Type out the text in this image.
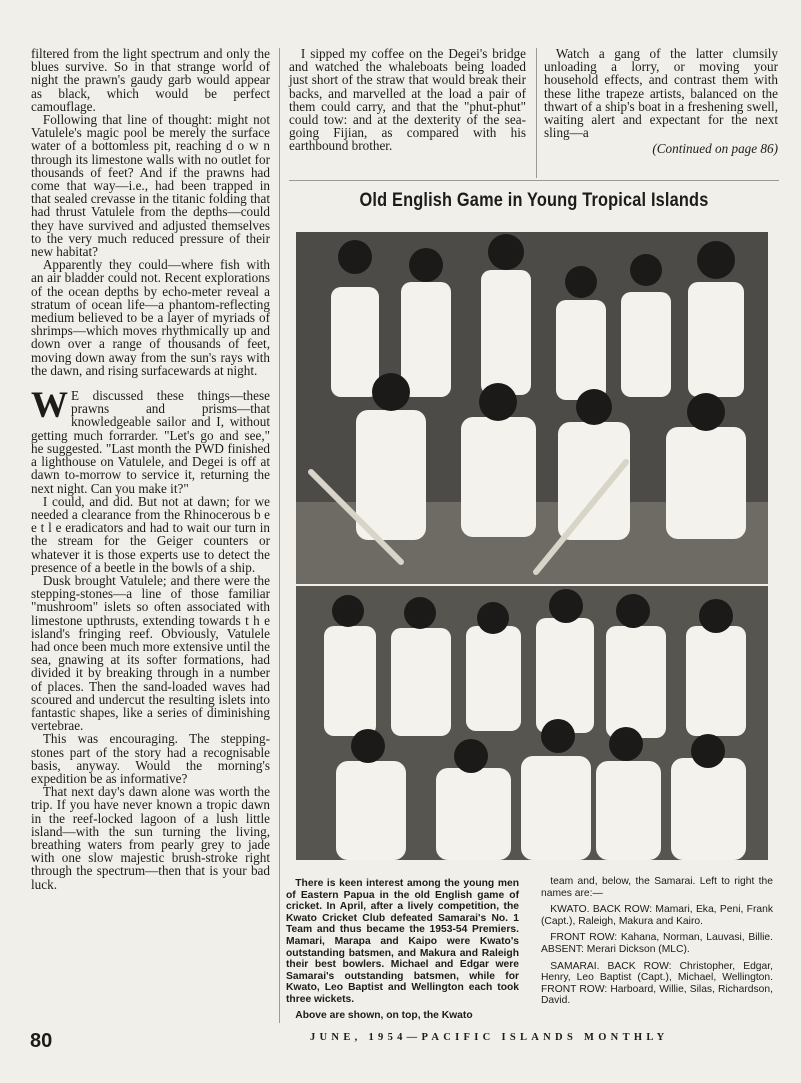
filtered from the light spectrum and only the blues survive. So in that strange world of night the prawn's gaudy garb would appear as black, which would be perfect camouflage.

Following that line of thought: might not Vatulele's magic pool be merely the surface water of a bottomless pit, reaching d o w n through its limestone walls with no outlet for thousands of feet? And if the prawns had come that way—i.e., had been trapped in that sealed crevasse in the titanic folding that had thrust Vatulele from the depths—could they have survived and adjusted themselves to the very much reduced pressure of their new habitat?

Apparently they could—where fish with an air bladder could not. Recent explorations of the ocean depths by echo-meter reveal a stratum of ocean life—a phantom-reflecting medium believed to be a layer of myriads of shrimps—which moves rhythmically up and down over a range of thousands of feet, moving down away from the sun's rays with the dawn, and rising surfacewards at night.

W E discussed these things—these prawns and prisms—that knowledgeable sailor and I, without getting much forrarder. "Let's go and see," he suggested. "Last month the PWD finished a lighthouse on Vatulele, and Degei is off at dawn to-morrow to service it, returning the next night. Can you make it?"

I could, and did. But not at dawn; for we needed a clearance from the Rhinocerous b e e t l e eradicators and had to wait our turn in the stream for the Geiger counters or whatever it is those experts use to detect the presence of a beetle in the bowls of a ship.

Dusk brought Vatulele; and there were the stepping-stones—a line of those familiar "mushroom" islets so often associated with limestone upthrusts, extending towards t h e island's fringing reef. Obviously, Vatulele had once been much more extensive until the sea, gnawing at its softer formations, had divided it by breaking through in a number of places. Then the sand-loaded waves had scoured and undercut the resulting islets into fantastic shapes, like a series of diminishing vertebrae.

This was encouraging. The stepping-stones part of the story had a recognisable basis, anyway. Would the morning's expedition be as informative?

That next day's dawn alone was worth the trip. If you have never known a tropic dawn in the reef-locked lagoon of a lush little island—with the sun turning the living, breathing waters from pearly grey to jade with one slow majestic brush-stroke right through the spectrum—then that is your bad luck.

I sipped my coffee on the Degei's bridge and watched the whaleboats being loaded just short of the straw that would break their backs, and marvelled at the load a pair of them could carry, and that the "phut-phut" could tow: and at the dexterity of the sea-going Fijian, as compared with his earthbound brother.

Watch a gang of the latter clumsily unloading a lorry, or moving your household effects, and contrast them with these lithe trapeze artists, balanced on the thwart of a ship's boat in a freshening swell, waiting alert and expectant for the next sling—a

(Continued on page 86)
Old English Game in Young Tropical Islands

There is keen interest among the young men of Eastern Papua in the old English game of cricket. In April, after a lively competition, the Kwato Cricket Club defeated Samarai's No. 1 Team and thus became the 1953-54 Premiers. Mamari, Marapa and Kaipo were Kwato's outstanding batsmen, and Makura and Raleigh their best bowlers. Michael and Edgar were Samarai's outstanding batsmen, while for Kwato, Leo Baptist and Wellington each took three wickets.

Above are shown, on top, the Kwato

team and, below, the Samarai. Left to right the names are:—

KWATO. BACK ROW: Mamari, Eka, Peni, Frank (Capt.), Raleigh, Makura and Kairo.

FRONT ROW: Kahana, Norman, Lauvasi, Billie. ABSENT: Merari Dickson (MLC).

SAMARAI. BACK ROW: Christopher, Edgar, Henry, Leo Baptist (Capt.), Michael, Wellington. FRONT ROW: Harboard, Willie, Silas, Richardson, David.

80	JUNE, 1954—PACIFIC ISLANDS MONTHLY
